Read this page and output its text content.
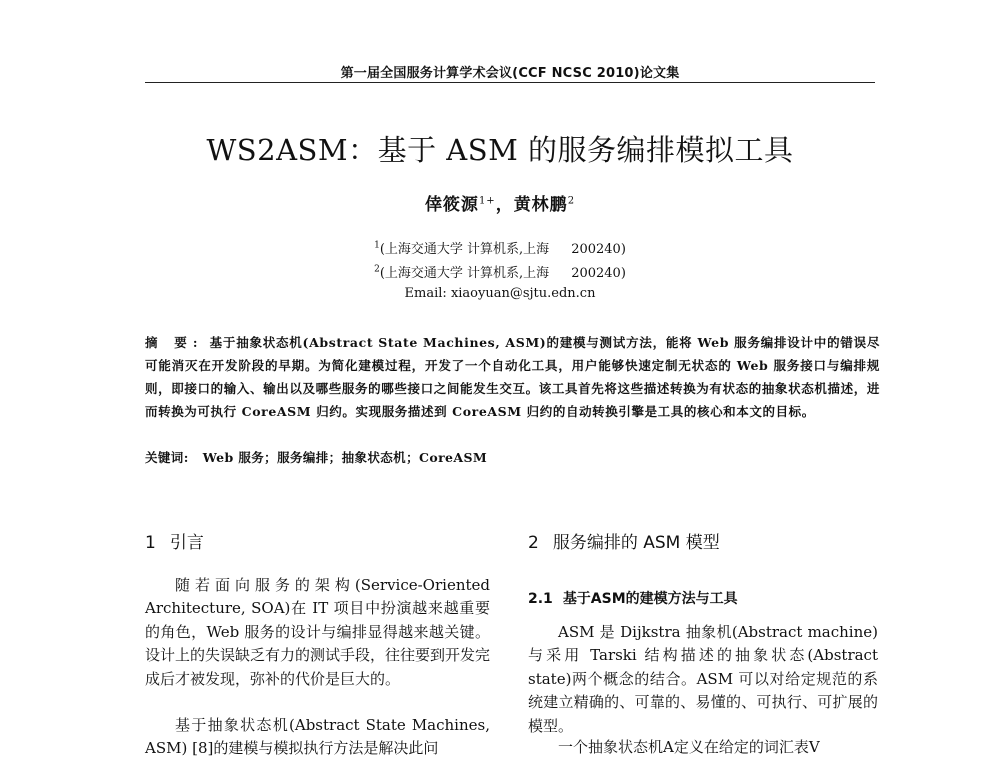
第一届全国服务计算学术会议(CCF NCSC 2010)论文集
WS2ASM：基于 ASM 的服务编排模拟工具
倖筱源$^{1+}$，黄林鹏$^2$
$^1$(上海交通大学 计算机系,上海 200240)
$^2$(上海交通大学 计算机系,上海 200240)
Email: xiaoyuan@sjtu.edn.cn
摘 要: 基于抽象状态机(Abstract State Machines, ASM)的建模与测试方法，能将 Web 服务编排设计中的错误尽可能消灭在开发阶段的早期。为简化建模过程，开发了一个自动化工具，用户能够快速定制无状态的 Web 服务接口与编排规则，即接口的输入、输出以及哪些服务的哪些接口之间能发生交互。该工具首先将这些描述转换为有状态的抽象状态机描述，进而转换为可执行 CoreASM 归约。实现服务描述到 CoreASM 归约的自动转换引擎是工具的核心和本文的目标。
关键词: Web 服务；服务编排；抽象状态机；CoreASM
1 引言
随若面向服务的架构(Service-Oriented Architecture, SOA)在 IT 项目中扮演越来越重要的角色，Web 服务的设计与编排显得越来越关键。设计上的失误缺乏有力的测试手段，往往要到开发完成后才被发现，弥补的代价是巨大的。
基于抽象状态机(Abstract State Machines, ASM) [8]的建模与模拟执行方法是解决此问
2 服务编排的 ASM 模型
2.1 基于ASM的建模方法与工具
ASM 是 Dijkstra 抽象机(Abstract machine)与采用 Tarski 结构描述的抽象状态(Abstract state)两个概念的结合。ASM 可以对给定规范的系统建立精确的、可靠的、易懂的、可执行、可扩展的模型。
一个抽象状态机A定义在给定的词汇表V
